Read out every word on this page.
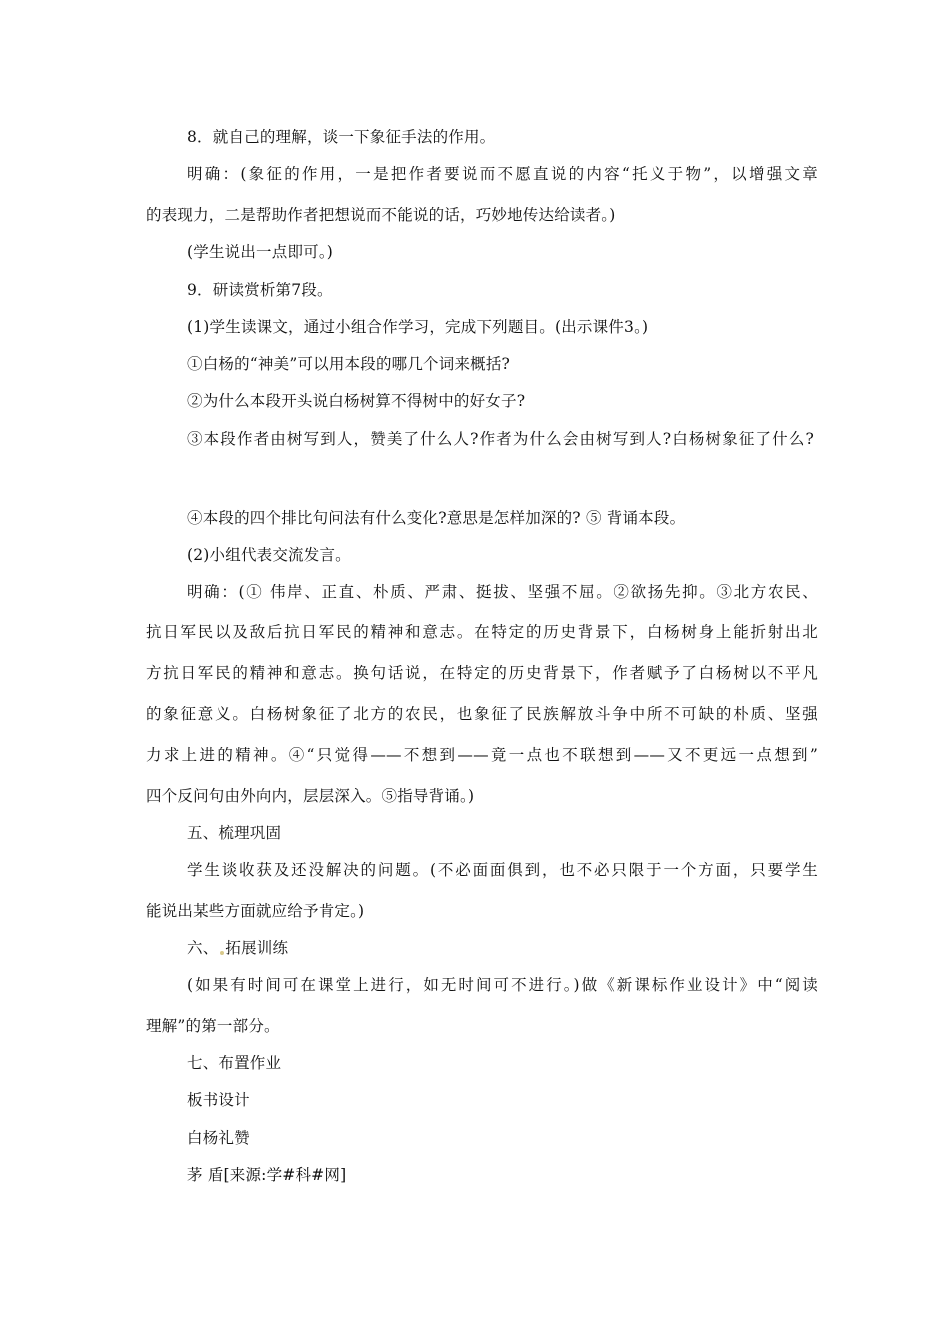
8．就自己的理解，谈一下象征手法的作用。
明确：(象征的作用，一是把作者要说而不愿直说的内容“托义于物”，以增强文章
的表现力，二是帮助作者把想说而不能说的话，巧妙地传达给读者。)
(学生说出一点即可。)
9．研读赏析第7段。
(1)学生读课文，通过小组合作学习，完成下列题目。(出示课件3。)
①白杨的“神美”可以用本段的哪几个词来概括?
②为什么本段开头说白杨树算不得树中的好女子?
③本段作者由树写到人，赞美了什么人?作者为什么会由树写到人?白杨树象征了什么?
④本段的四个排比句问法有什么变化?意思是怎样加深的? ⑤ 背诵本段。
(2)小组代表交流发言。
明确：(① 伟岸、正直、朴质、严肃、挺拔、坚强不屈。②欲扬先抑。③北方农民、
抗日军民以及敌后抗日军民的精神和意志。在特定的历史背景下，白杨树身上能折射出北
方抗日军民的精神和意志。换句话说，在特定的历史背景下，作者赋予了白杨树以不平凡
的象征意义。白杨树象征了北方的农民，也象征了民族解放斗争中所不可缺的朴质、坚强
力求上进的精神。④“只觉得——不想到——竟一点也不联想到——又不更远一点想到”
四个反问句由外向内，层层深入。⑤指导背诵。)
五、梳理巩固
学生谈收获及还没解决的问题。(不必面面俱到，也不必只限于一个方面，只要学生
能说出某些方面就应给予肯定。)
六、 拓展训练
(如果有时间可在课堂上进行，如无时间可不进行。)做《新课标作业设计》中“阅读
理解”的第一部分。
七、布置作业
板书设计
白杨礼赞
茅 盾[来源:学#科#网]
